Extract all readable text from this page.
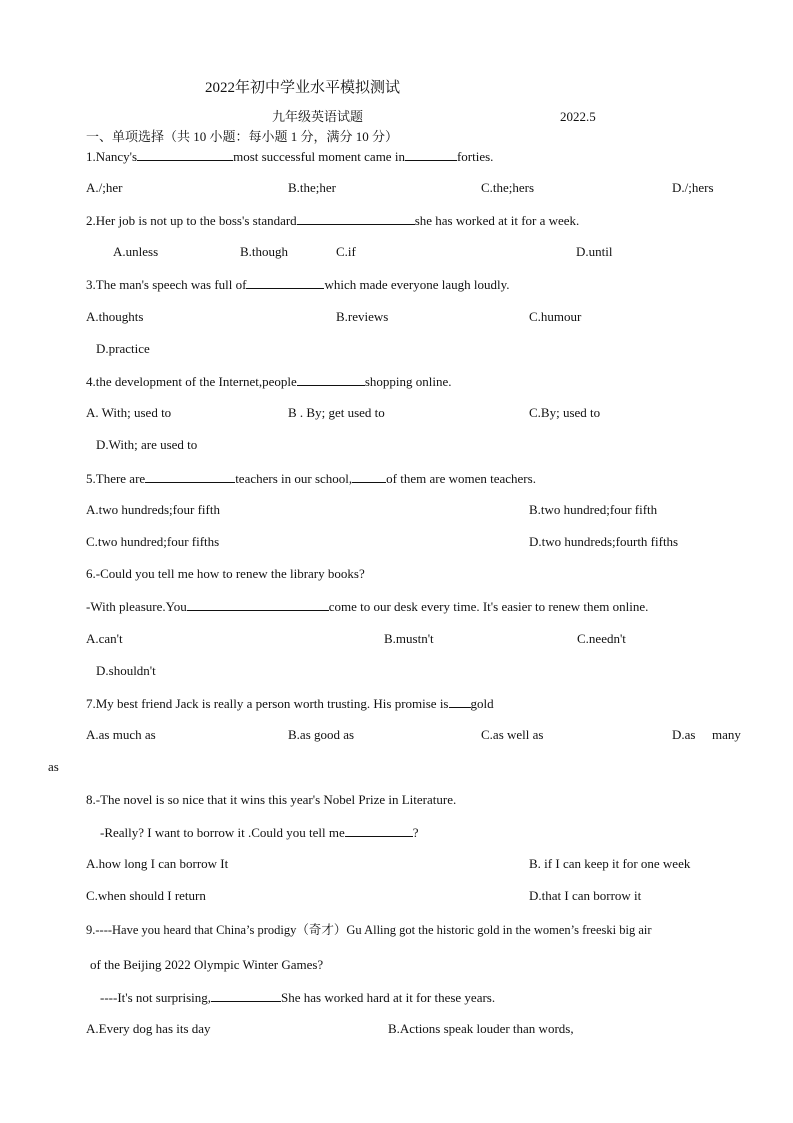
2022年初中学业水平模拟测试
九年级英语试题	2022.5
一、单项选择（共 10 小题：每小题 1 分，满分 10 分）
1.Nancy's	most successful moment came in	forties.
A./;her	B.the;her	C.the;hers	D./;hers
2.Her job is not up to the boss's standard	she has worked at it for a week.
A.unless	B.though	C.if	D.until
3.The man's speech was full of	which made everyone laugh loudly.
A.thoughts	B.reviews	C.humour
D.practice
4.the development of the Internet,people	shopping online.
A. With; used to	B . By; get used to	C.By; used to
D.With; are used to
5.There are	teachers in our school,	of them are women teachers.
A.two hundreds;four fifth	B.two hundred;four fifth
C.two hundred;four fifths	D.two hundreds;fourth fifths
6.-Could you tell me how to renew the library books?
-With pleasure.You	come to our desk every time. It's easier to renew them online.
A.can't	B.mustn't	C.needn't
D.shouldn't
7.My best friend Jack is really a person worth trusting. His promise is gold
A.as much as	B.as good as	C.as well as	D.as many
as
8.-The novel is so nice that it wins this year's Nobel Prize in Literature.
-Really? I want to borrow it .Could you tell me	?
A.how long I can borrow It	B. if I can keep it for one week
C.when should I return	D.that I can borrow it
9.----Have you heard that China’s prodigy（奇才）Gu Alling got the historic gold in the women’s freeski big air
of the Beijing 2022 Olympic Winter Games?
----It's not surprising,	She has worked hard at it for these years.
A.Every dog has its day	B.Actions speak louder than words,
